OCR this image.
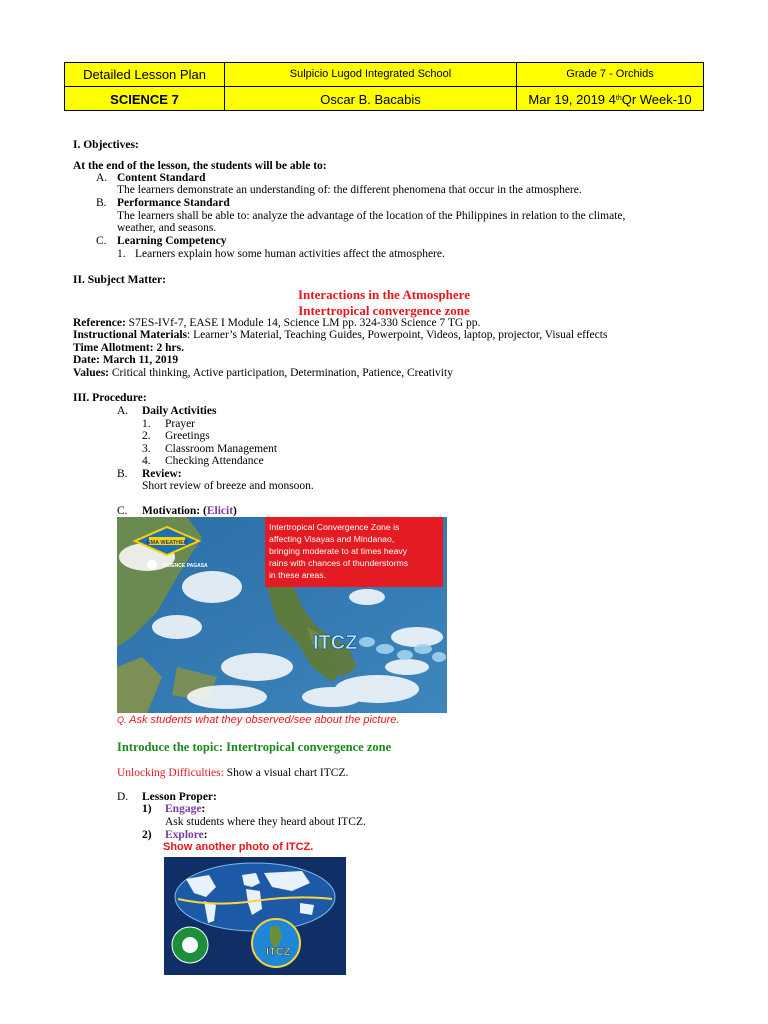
Detailed Lesson Plan	Sulpicio Lugod Integrated School	Grade 7 - Orchids
SCIENCE 7	Oscar B. Bacabis	Mar 19, 2019 4 th Qr Week-10
I. Objectives:
At the end of the lesson, the students will be able to:
A. Content Standard
The learners demonstrate an understanding of: the different phenomena that occur in the atmosphere.
B. Performance Standard
The learners shall be able to: analyze the advantage of the location of the Philippines in relation to the climate,
weather, and seasons.
C. Learning Competency
1. Learners explain how some human activities affect the atmosphere.
II. Subject Matter:
Interactions in the Atmosphere
Intertropical convergence zone
Reference: S7ES-IVf-7, EASE I Module 14, Science LM pp. 324-330 Science 7 TG pp.
Instructional Materials: Learner’s Material, Teaching Guides, Powerpoint, Videos, laptop, projector, Visual effects
Time Allotment: 2 hrs.
Date: March 11, 2019
Values: Critical thinking, Active participation, Determination, Patience, Creativity
III. Procedure:
A. Daily Activities
1. Prayer
2. Greetings
3. Classroom Management
4. Checking Attendance
B. Review:
Short review of breeze and monsoon.
C. Motivation: (Elicit)
GMA WEATHER
SCIENCE PAGASA
Intertropical Convergence Zone is
affecting Visayas and Mindanao,
bringing moderate to at times heavy
rains with chances of thunderstorms
in these areas.
ITCZ
Q. Ask students what they observed/see about the picture.
Introduce the topic: Intertropical convergence zone
Unlocking Difficulties: Show a visual chart ITCZ.
D. Lesson Proper:
1) Engage:
Ask students where they heard about ITCZ.
2) Explore:
Show another photo of ITCZ.
ITCZ
